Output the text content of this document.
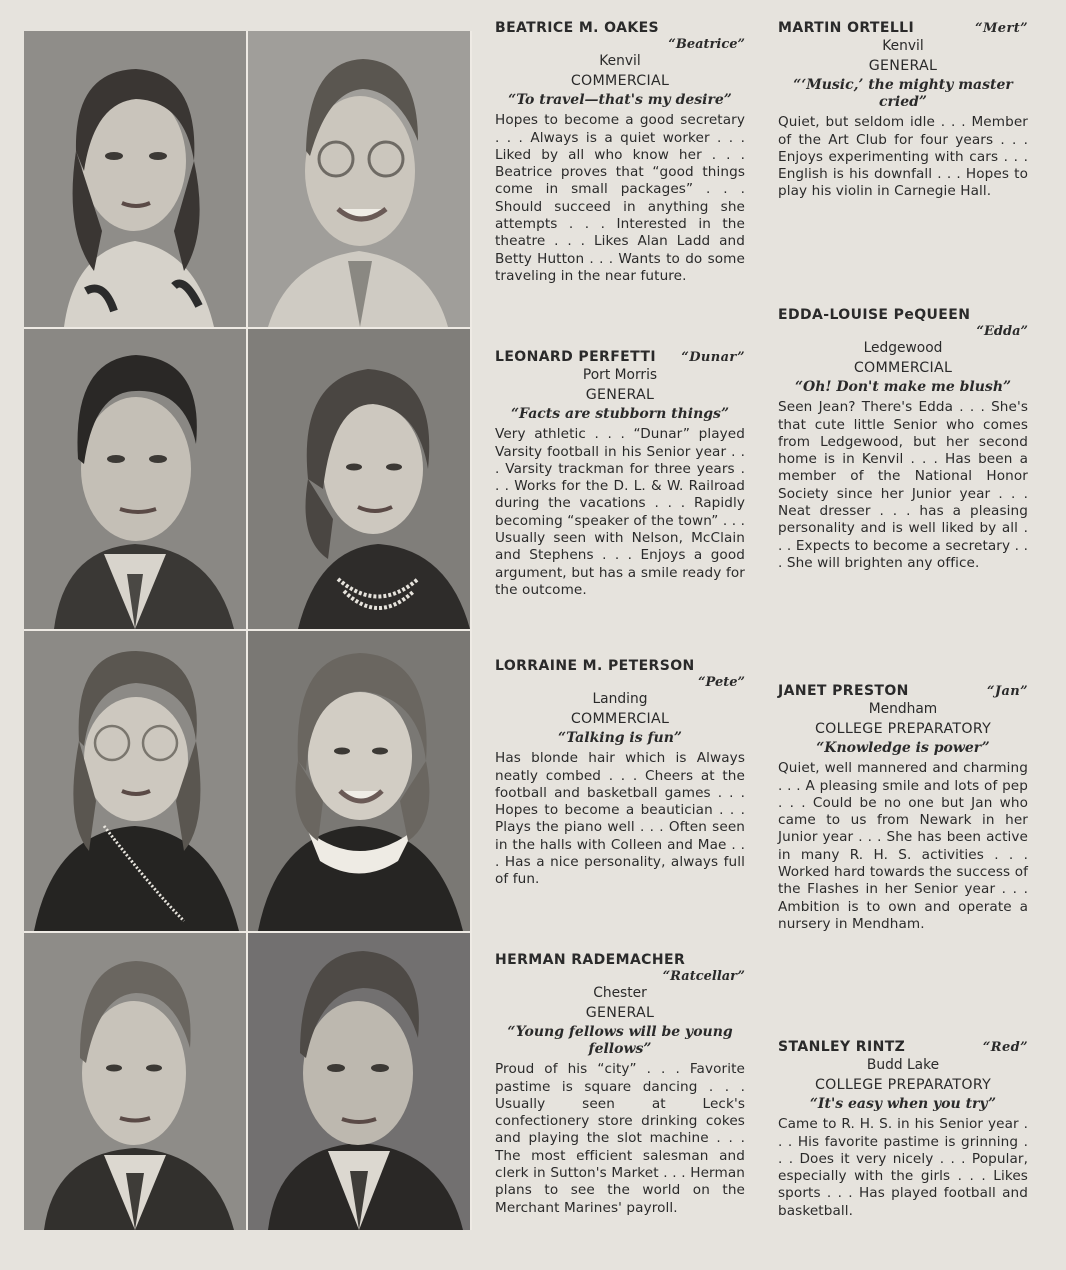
BEATRICE M. OAKES
“Beatrice”
Kenvil
COMMERCIAL
“To travel—that's my desire”
Hopes to become a good secretary . . . Always is a quiet worker . . . Liked by all who know her . . . Beatrice proves that “good things come in small packages” . . . Should succeed in anything she attempts . . . Interested in the theatre . . . Likes Alan Ladd and Betty Hutton . . . Wants to do some traveling in the near future.
LEONARD PERFETTI “Dunar”
Port Morris
GENERAL
“Facts are stubborn things”
Very athletic . . . “Dunar” played Varsity football in his Senior year . . . Varsity trackman for three years . . . Works for the D. L. & W. Railroad during the vacations . . . Rapidly becoming “speaker of the town” . . . Usually seen with Nelson, McClain and Stephens . . . Enjoys a good argument, but has a smile ready for the outcome.
LORRAINE M. PETERSON
“Pete”
Landing
COMMERCIAL
“Talking is fun”
Has blonde hair which is Always neatly combed . . . Cheers at the football and basketball games . . . Hopes to become a beautician . . . Plays the piano well . . . Often seen in the halls with Colleen and Mae . . . Has a nice personality, always full of fun.
HERMAN RADEMACHER
“Ratcellar”
Chester
GENERAL
“Young fellows will be young fellows”
Proud of his “city” . . . Favorite pastime is square dancing . . . Usually seen at Leck's confectionery store drinking cokes and playing the slot machine . . . The most efficient salesman and clerk in Sutton's Market . . . Herman plans to see the world on the Merchant Marines' payroll.
MARTIN ORTELLI	“Mert”
Kenvil
GENERAL
“‘Music,’ the mighty master cried”
Quiet, but seldom idle . . . Member of the Art Club for four years . . . Enjoys experimenting with cars . . . English is his downfall . . . Hopes to play his violin in Carnegie Hall.
EDDA-LOUISE PeQUEEN
“Edda”
Ledgewood
COMMERCIAL
“Oh! Don't make me blush”
Seen Jean? There's Edda . . . She's that cute little Senior who comes from Ledgewood, but her second home is in Kenvil . . . Has been a member of the National Honor Society since her Junior year . . . Neat dresser . . . has a pleasing personality and is well liked by all . . . Expects to become a secretary . . . She will brighten any office.
JANET PRESTON	“Jan”
Mendham
COLLEGE PREPARATORY
“Knowledge is power”
Quiet, well mannered and charming . . . A pleasing smile and lots of pep . . . Could be no one but Jan who came to us from Newark in her Junior year . . . She has been active in many R. H. S. activities . . . Worked hard towards the success of the Flashes in her Senior year . . . Ambition is to own and operate a nursery in Mendham.
STANLEY RINTZ	“Red”
Budd Lake
COLLEGE PREPARATORY
“It's easy when you try”
Came to R. H. S. in his Senior year . . . His favorite pastime is grinning . . . Does it very nicely . . . Popular, especially with the girls . . . Likes sports . . . Has played football and basketball.
